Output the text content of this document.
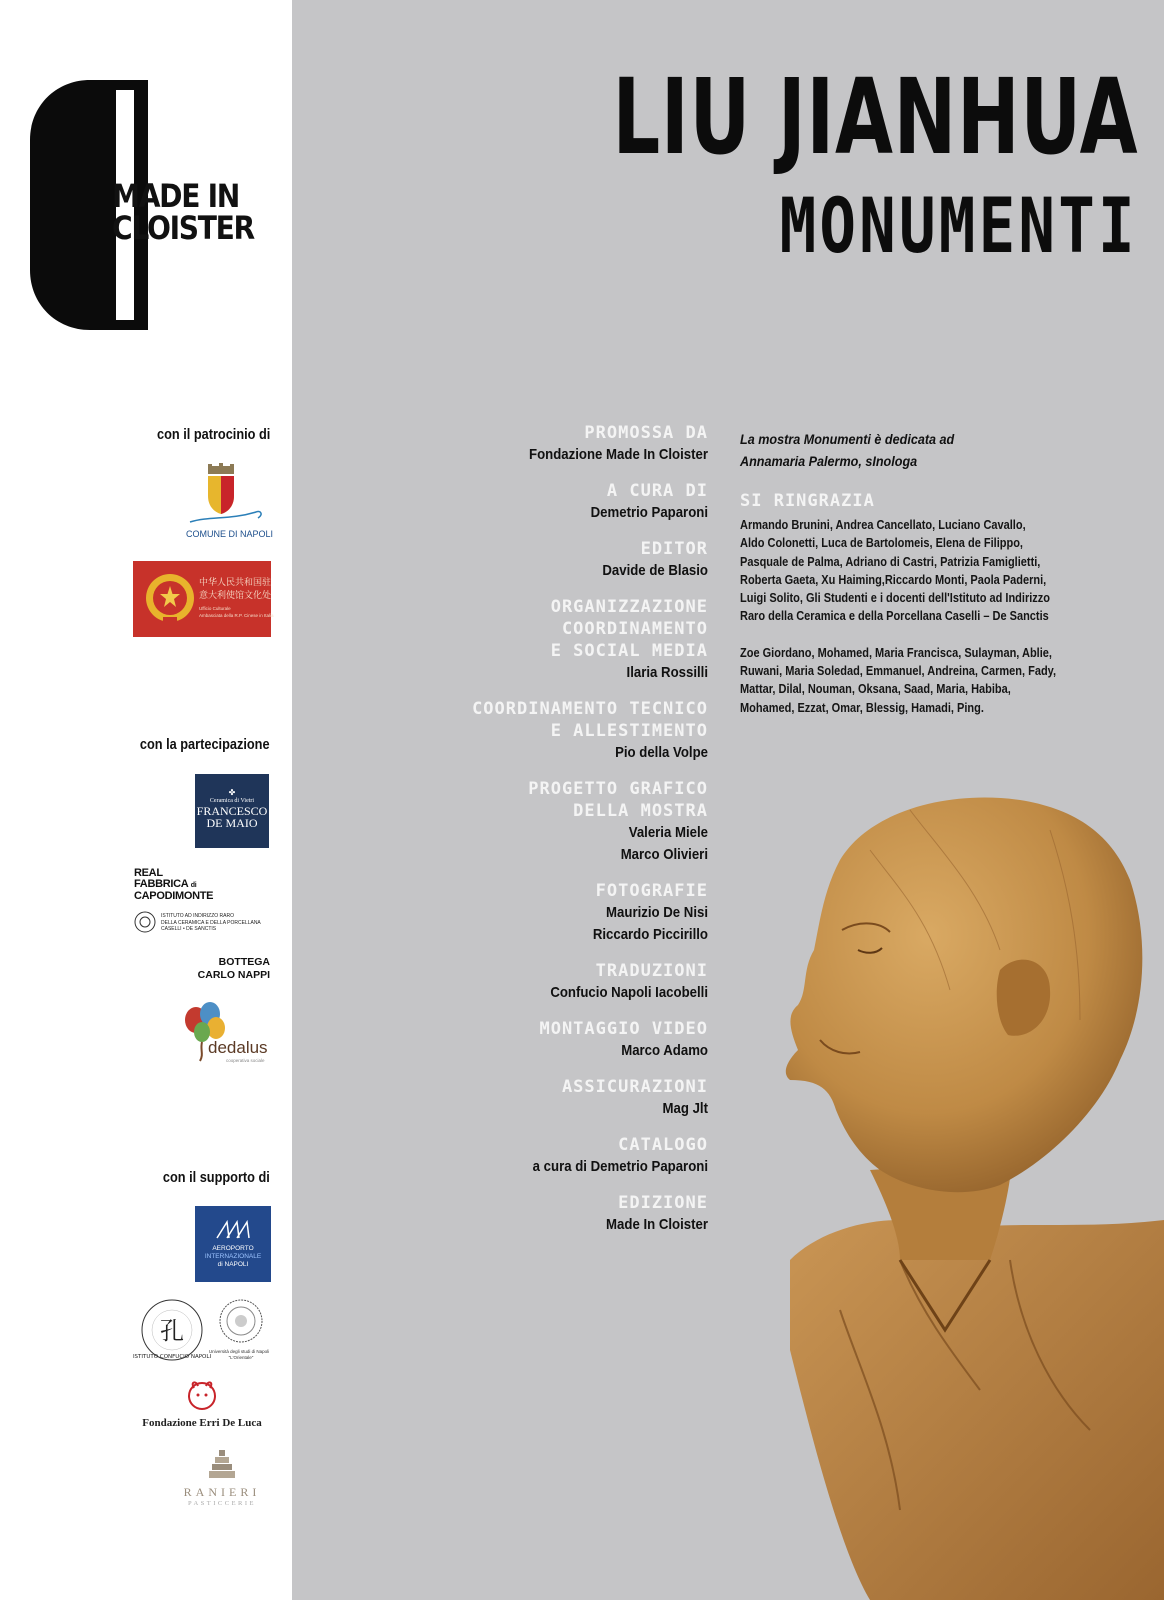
MADE IN
CLOISTER
con il patrocinio di
COMUNE DI NAPOLI
中华人民共和国驻
意大利使馆文化处
Ufficio Culturale
Ambasciata della R.P. Cinese in Italia
con la partecipazione
✤
Ceramica di Vietri
FRANCESCO
DE MAIO
REAL
FABBRICA di
CAPODIMONTE
ISTITUTO AD INDIRIZZO RARO
DELLA CERAMICA E DELLA PORCELLANA
CASELLI • DE SANCTIS
BOTTEGA
CARLO NAPPI
dedalus
cooperativa sociale
con il supporto di
AEROPORTO
INTERNAZIONALE
di NAPOLI
孔
ISTITUTO CONFUCIO NAPOLI
Università degli studi di Napoli
"L'Orientale"
Fondazione Erri De Luca
RANIERI
PASTICCERIE
LIU JIANHUA
MONUMENTI
PROMOSSA DA
Fondazione Made In Cloister
A CURA DI
Demetrio Paparoni
EDITOR
Davide de Blasio
ORGANIZZAZIONE
COORDINAMENTO
E SOCIAL MEDIA
Ilaria Rossilli
COORDINAMENTO TECNICO
E ALLESTIMENTO
Pio della Volpe
PROGETTO GRAFICO
DELLA MOSTRA
Valeria Miele
Marco Olivieri
FOTOGRAFIE
Maurizio De Nisi
Riccardo Piccirillo
TRADUZIONI
Confucio Napoli Iacobelli
MONTAGGIO VIDEO
Marco Adamo
ASSICURAZIONI
Mag Jlt
CATALOGO
a cura di Demetrio Paparoni
EDIZIONE
Made In Cloister
La mostra Monumenti è dedicata ad
Annamaria Palermo, sInologa
SI RINGRAZIA
Armando Brunini, Andrea Cancellato, Luciano Cavallo,
Aldo Colonetti, Luca de Bartolomeis, Elena de Filippo,
Pasquale de Palma, Adriano di Castri, Patrizia Famiglietti,
Roberta Gaeta, Xu Haiming,Riccardo Monti, Paola Paderni,
Luigi Solito, Gli Studenti e i docenti dell'Istituto ad Indirizzo
Raro della Ceramica e della Porcellana Caselli – De Sanctis
Zoe Giordano, Mohamed, Maria Francisca, Sulayman, Ablie,
Ruwani, Maria Soledad, Emmanuel, Andreina, Carmen, Fady,
Mattar, Dilal, Nouman, Oksana, Saad, Maria, Habiba,
Mohamed, Ezzat, Omar, Blessig, Hamadi, Ping.
